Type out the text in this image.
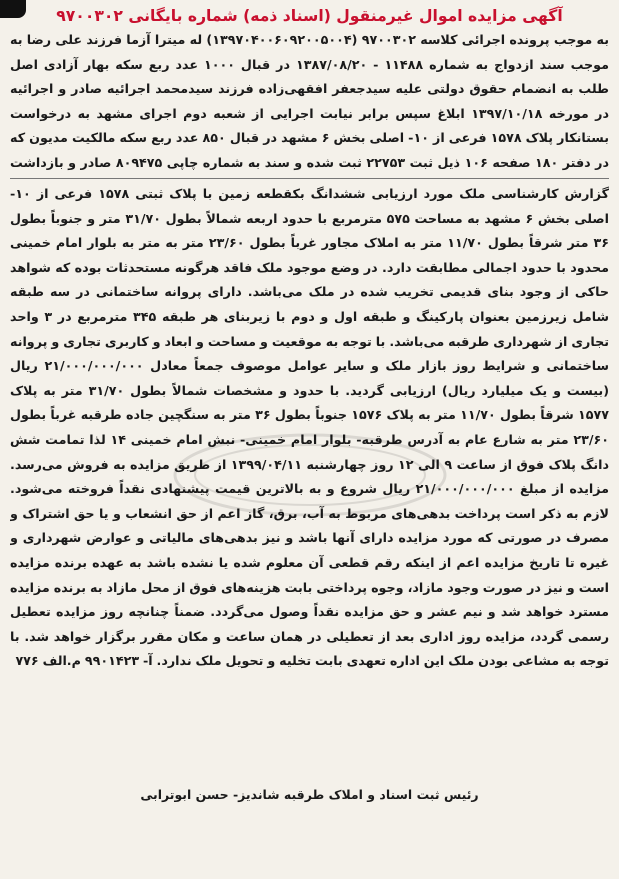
آگهی مزایده اموال غیرمنقول (اسناد ذمه) شماره بایگانی ۹۷۰۰۳۰۲

به موجب پرونده اجرائی کلاسه ۹۷۰۰۳۰۲ (۱۳۹۷۰۴۰۰۶۰۹۲۰۰۵۰۰۴) له میترا آزما فرزند علی رضا به موجب سند ازدواج به شماره ۱۱۴۸۸ - ۱۳۸۷/۰۸/۲۰ در قبال ۱۰۰۰ عدد ربع سکه بهار آزادی اصل طلب به انضمام حقوق دولتی علیه سیدجعفر افقهی‌زاده فرزند سیدمحمد اجرائیه صادر و اجرائیه در مورخه ۱۳۹۷/۱۰/۱۸ ابلاغ سپس برابر نیابت اجرایی از شعبه دوم اجرای مشهد به درخواست بستانکار پلاک ۱۵۷۸ فرعی از ۱۰- اصلی بخش ۶ مشهد در قبال ۸۵۰ عدد ربع سکه مالکیت مدیون که در دفتر ۱۸۰ صفحه ۱۰۶ ذیل ثبت ۲۲۷۵۳ ثبت شده و سند به شماره چاپی ۸۰۹۴۷۵ صادر و بازداشت

گزارش کارشناسی ملک مورد ارزیابی ششدانگ بکقطعه زمین با پلاک ثبتی ۱۵۷۸ فرعی از ۱۰- اصلی بخش ۶ مشهد به مساحت ۵۷۵ مترمربع با حدود اربعه شمالاً بطول ۳۱/۷۰ متر و جنوباً بطول ۳۶ متر شرقاً بطول ۱۱/۷۰ متر به املاک مجاور غرباً بطول ۲۳/۶۰ متر به متر به بلوار امام خمینی محدود با حدود اجمالی مطابقت دارد. در وضع موجود ملک فاقد هرگونه مستحدثات بوده که شواهد حاکی از وجود بنای قدیمی تخریب شده در ملک می‌باشد. دارای پروانه ساختمانی در سه طبقه شامل زیرزمین بعنوان پارکینگ و طبقه اول و دوم با زیربنای هر طبقه ۳۴۵ مترمربع در ۳ واحد تجاری از شهرداری طرقبه می‌باشد. با توجه به موقعیت و مساحت و ابعاد و کاربری تجاری و پروانه ساختمانی و شرایط روز بازار ملک و سایر عوامل موصوف جمعاً معادل ۲۱/۰۰۰/۰۰۰/۰۰۰ ریال (بیست و یک میلیارد ریال) ارزیابی گردید. با حدود و مشخصات شمالاً بطول ۳۱/۷۰ متر به پلاک ۱۵۷۷ شرقاً بطول ۱۱/۷۰ متر به پلاک ۱۵۷۶ جنوباً بطول ۳۶ متر به سنگچین جاده طرقبه غرباً بطول ۲۳/۶۰ متر به شارع عام به آدرس طرقبه- بلوار امام خمینی- نبش امام خمینی ۱۴ لذا تمامت شش دانگ پلاک فوق از ساعت ۹ الی ۱۲ روز چهارشنبه ۱۳۹۹/۰۴/۱۱ از طریق مزایده به فروش می‌رسد. مزایده از مبلغ ۲۱/۰۰۰/۰۰۰/۰۰۰ ریال شروع و به بالاترین قیمت پیشنهادی نقداً فروخته می‌شود. لازم به ذکر است پرداخت بدهی‌های مربوط به آب، برق، گاز اعم از حق انشعاب و یا حق اشتراک و مصرف در صورتی که مورد مزایده دارای آنها باشد و نیز بدهی‌های مالیاتی و عوارض شهرداری و غیره تا تاریخ مزایده اعم از اینکه رقم قطعی آن معلوم شده یا نشده باشد به عهده برنده مزایده است و نیز در صورت وجود مازاد، وجوه پرداختی بابت هزینه‌های فوق از محل مازاد به برنده مزایده مسترد خواهد شد و نیم عشر و حق مزایده نقداً وصول می‌گردد. ضمناً چنانچه روز مزایده تعطیل رسمی گردد، مزایده روز اداری بعد از تعطیلی در همان ساعت و مکان مقرر برگزار خواهد شد. با توجه به مشاعی بودن ملک این اداره تعهدی بابت تخلیه و تحویل ملک ندارد. آ- ۹۹۰۱۴۲۳ م.الف ۷۷۶

رئیس ثبت اسناد و املاک طرقبه شاندیز- حسن ابوترابی
